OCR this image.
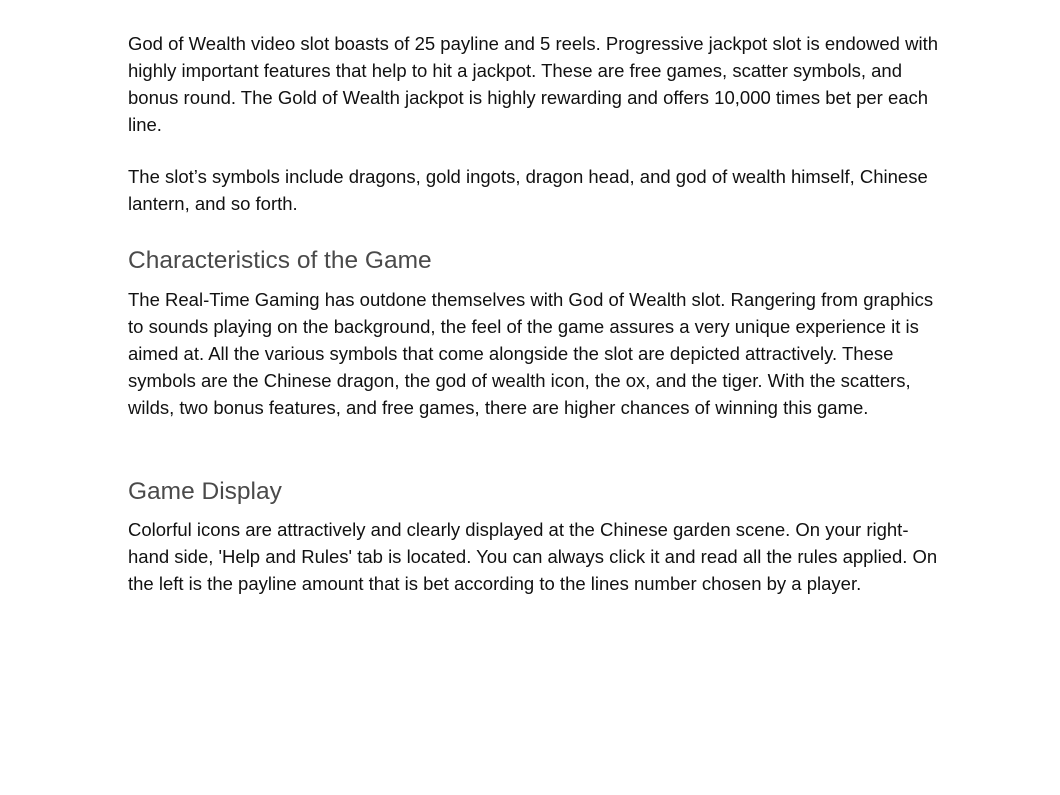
God of Wealth video slot boasts of 25 payline and 5 reels. Progressive jackpot slot is endowed with highly important features that help to hit a jackpot. These are free games, scatter symbols, and bonus round. The Gold of Wealth jackpot is highly rewarding and offers 10,000 times bet per each line.

The slot’s symbols include dragons, gold ingots, dragon head, and god of wealth himself, Chinese lantern, and so forth.

Characteristics of the Game

The Real-Time Gaming has outdone themselves with God of Wealth slot. Rangering from graphics to sounds playing on the background, the feel of the game assures a very unique experience it is aimed at. All the various symbols that come alongside the slot are depicted attractively. These symbols are the Chinese dragon, the god of wealth icon, the ox, and the tiger. With the scatters, wilds, two bonus features, and free games, there are higher chances of winning this game.

Game Display

Colorful icons are attractively and clearly displayed at the Chinese garden scene. On your right-hand side, 'Help and Rules' tab is located. You can always click it and read all the rules applied. On the left is the payline amount that is bet according to the lines number chosen by a player.
